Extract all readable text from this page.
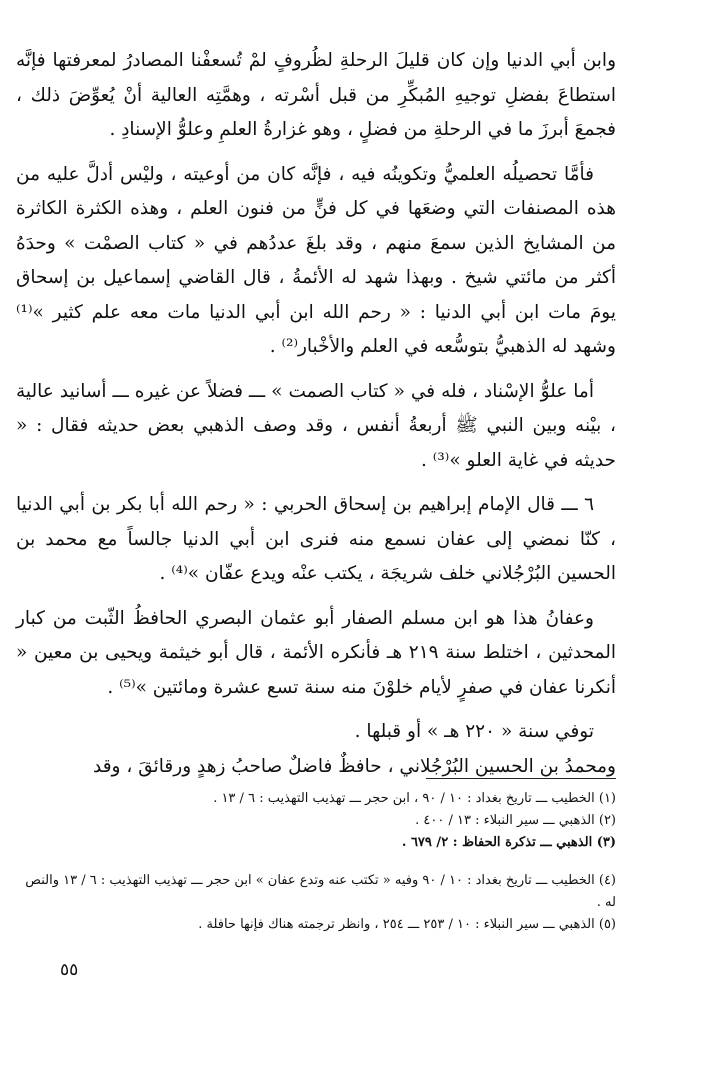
وابن أبي الدنيا وإن كان قليلَ الرحلةِ لظُروفٍ لمْ تُسعفْنا المصادرُ لمعرفتها فإنَّه استطاعَ بفضلِ توجيهِ المُبكِّرِ من قبل أسْرته ، وهمَّتِه العالية أنْ يُعوِّضَ ذلك ، فجمعَ أبرزَ ما في الرحلةِ من فضلٍ ، وهو غزارةُ العلمِ وعلوُّ الإسنادِ .

فأمَّا تحصيلُه العلميُّ وتكوينُه فيه ، فإنَّه كان من أوعيته ، وليْس أدلَّ عليه من هذه المصنفات التي وضعَها في كل فنٍّ من فنون العلم ، وهذه الكثرة الكاثرة من المشايخ الذين سمعَ منهم ، وقد بلغَ عددُهم في « كتاب الصمْت » وحدَهُ أكثر من مائتي شيخ . وبهذا شهد له الأئمةُ ، قال القاضي إسماعيل بن إسحاق يومَ مات ابن أبي الدنيا : « رحم الله ابن أبي الدنيا مات معه علم كثير »⁽¹⁾ وشهد له الذهبيُّ بتوسُّعه في العلم والأخْبار⁽²⁾ .

أما علوُّ الإسْناد ، فله في « كتاب الصمت » ـــ فضلاً عن غيره ـــ أسانيد عالية ، بيْنه وبين النبي ﷺ أربعةُ أنفس ، وقد وصف الذهبي بعض حديثه فقال : « حديثه في غاية العلو »⁽³⁾ .

٦ ـــ قال الإمام إبراهيم بن إسحاق الحربي : « رحم الله أبا بكر بن أبي الدنيا ، كنّا نمضي إلى عفان نسمع منه فنرى ابن أبي الدنيا جالساً مع محمد بن الحسين البُرْجُلاني خلف شريجَة ، يكتب عنْه ويدع عفّان »⁽⁴⁾ .

وعفانُ هذا هو ابن مسلم الصفار أبو عثمان البصري الحافظُ الثّبت من كبار المحدثين ، اختلط سنة ٢١٩ هـ فأنكره الأئمة ، قال أبو خيثمة ويحيى بن معين « أنكرنا عفان في صفرٍ لأيام خلوْنَ منه سنة تسع عشرة ومائتين »⁽⁵⁾ .

توفي سنة « ٢٢٠ هـ » أو قبلها .

ومحمدُ بن الحسين البُرْجُلاني ، حافظٌ فاضلٌ صاحبُ زهدٍ ورقائقَ ، وقد

(١) الخطيب ـــ تاريخ بغداد : ١٠ / ٩٠ ، ابن حجر ـــ تهذيب التهذيب : ٦ / ١٣ .

(٢) الذهبي ـــ سير النبلاء : ١٣ / ٤٠٠ .

(٣) الذهبي ـــ تذكرة الحفاظ : ٢/ ٦٧٩ .

(٤) الخطيب ـــ تاريخ بغداد : ١٠ / ٩٠ وفيه « تكتب عنه وتدع عفان » ابن حجر ـــ تهذيب التهذيب : ٦ / ١٣ والنص له .

(٥) الذهبي ـــ سير النبلاء : ١٠ / ٢٥٣ ـــ ٢٥٤ ، وانظر ترجمته هناك فإنها حافلة .

٥٥
